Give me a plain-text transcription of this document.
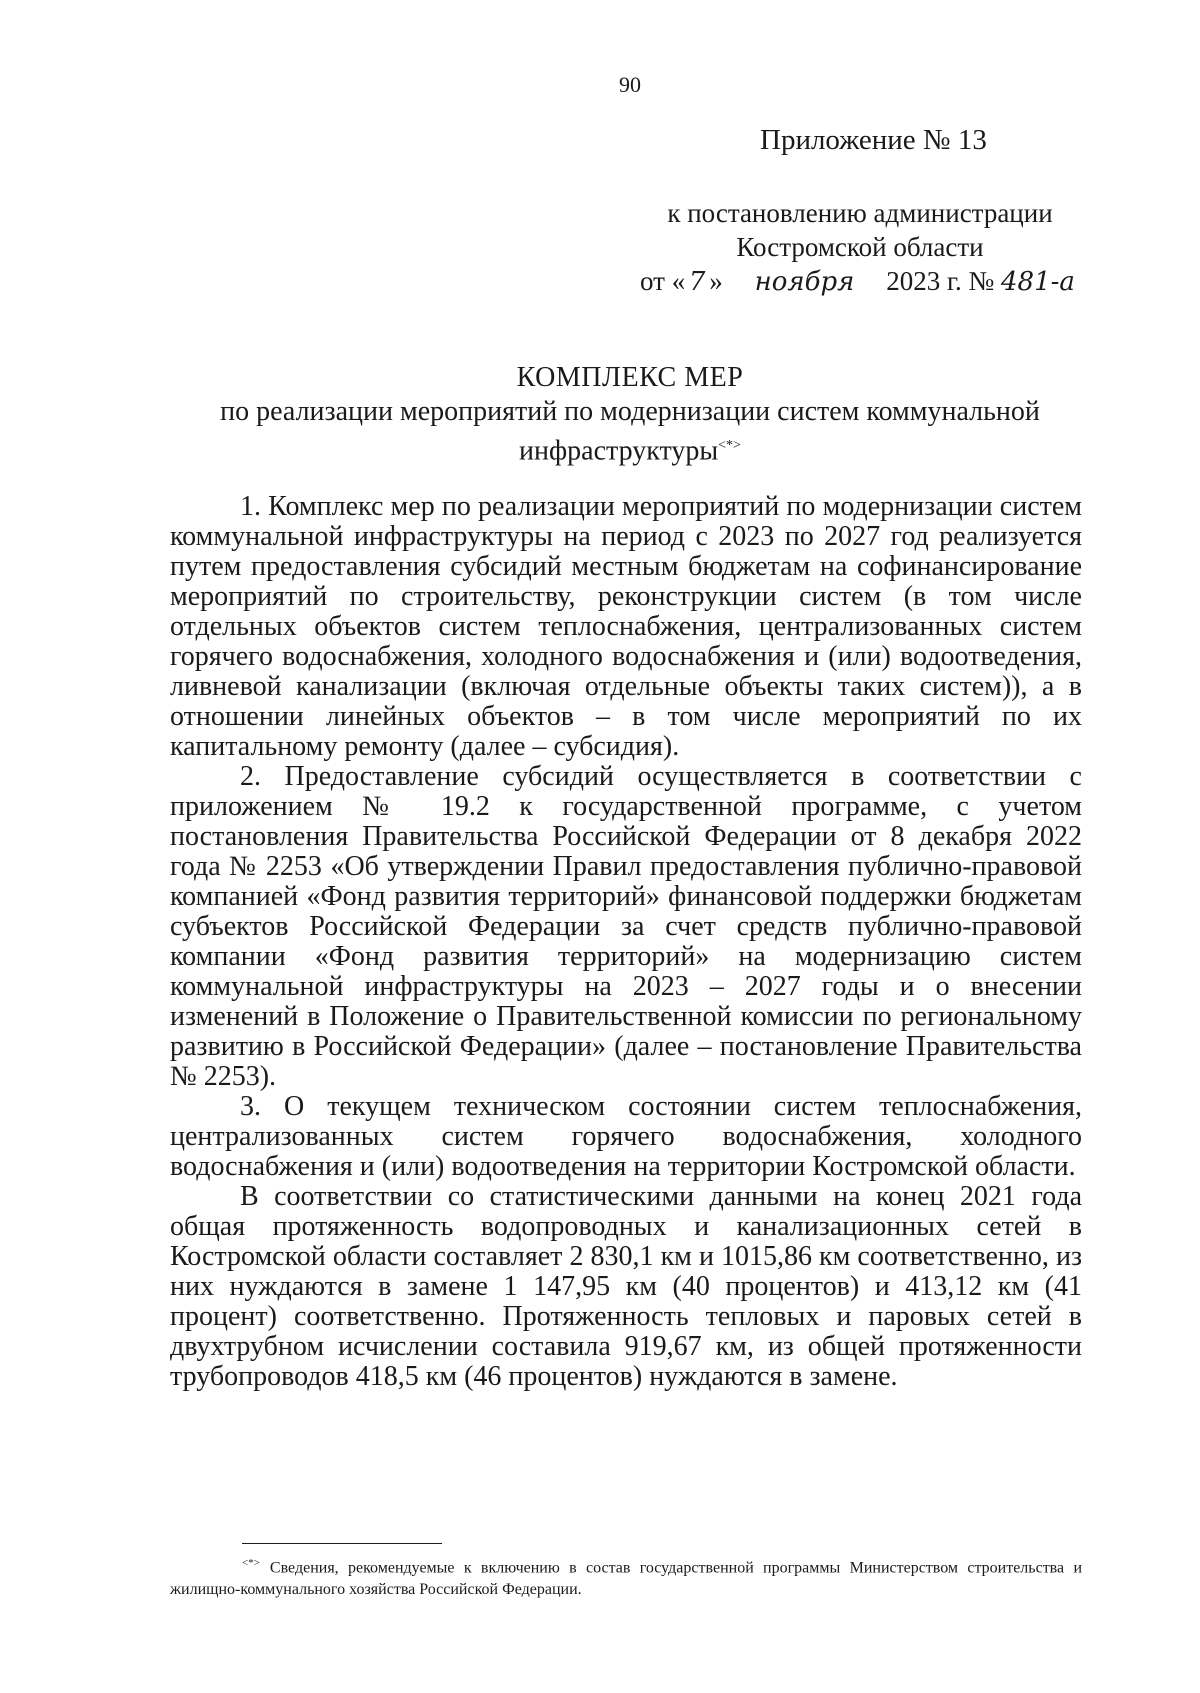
90
Приложение № 13
к постановлению администрации
Костромской области
от « 7 » ноября 2023 г. № 481-а
КОМПЛЕКС МЕР
по реализации мероприятий по модернизации систем коммунальной инфраструктуры<*>

1. Комплекс мер по реализации мероприятий по модернизации систем коммунальной инфраструктуры на период с 2023 по 2027 год реализуется путем предоставления субсидий местным бюджетам на софинансирование мероприятий по строительству, реконструкции систем (в том числе отдельных объектов систем теплоснабжения, централизованных систем горячего водоснабжения, холодного водоснабжения и (или) водоотведения, ливневой канализации (включая отдельные объекты таких систем)), а в отношении линейных объектов – в том числе мероприятий по их капитальному ремонту (далее – субсидия).

2. Предоставление субсидий осуществляется в соответствии с приложением № 19.2 к государственной программе, с учетом постановления Правительства Российской Федерации от 8 декабря 2022 года № 2253 «Об утверждении Правил предоставления публично-правовой компанией «Фонд развития территорий» финансовой поддержки бюджетам субъектов Российской Федерации за счет средств публично-правовой компании «Фонд развития территорий» на модернизацию систем коммунальной инфраструктуры на 2023 – 2027 годы и о внесении изменений в Положение о Правительственной комиссии по региональному развитию в Российской Федерации» (далее – постановление Правительства № 2253).

3. О текущем техническом состоянии систем теплоснабжения, централизованных систем горячего водоснабжения, холодного водоснабжения и (или) водоотведения на территории Костромской области.

В соответствии со статистическими данными на конец 2021 года общая протяженность водопроводных и канализационных сетей в Костромской области составляет 2 830,1 км и 1015,86 км соответственно, из них нуждаются в замене 1 147,95 км (40 процентов) и 413,12 км (41 процент) соответственно. Протяженность тепловых и паровых сетей в двухтрубном исчислении составила 919,67 км, из общей протяженности трубопроводов 418,5 км (46 процентов) нуждаются в замене.

<*> Сведения, рекомендуемые к включению в состав государственной программы Министерством строительства и жилищно-коммунального хозяйства Российской Федерации.
